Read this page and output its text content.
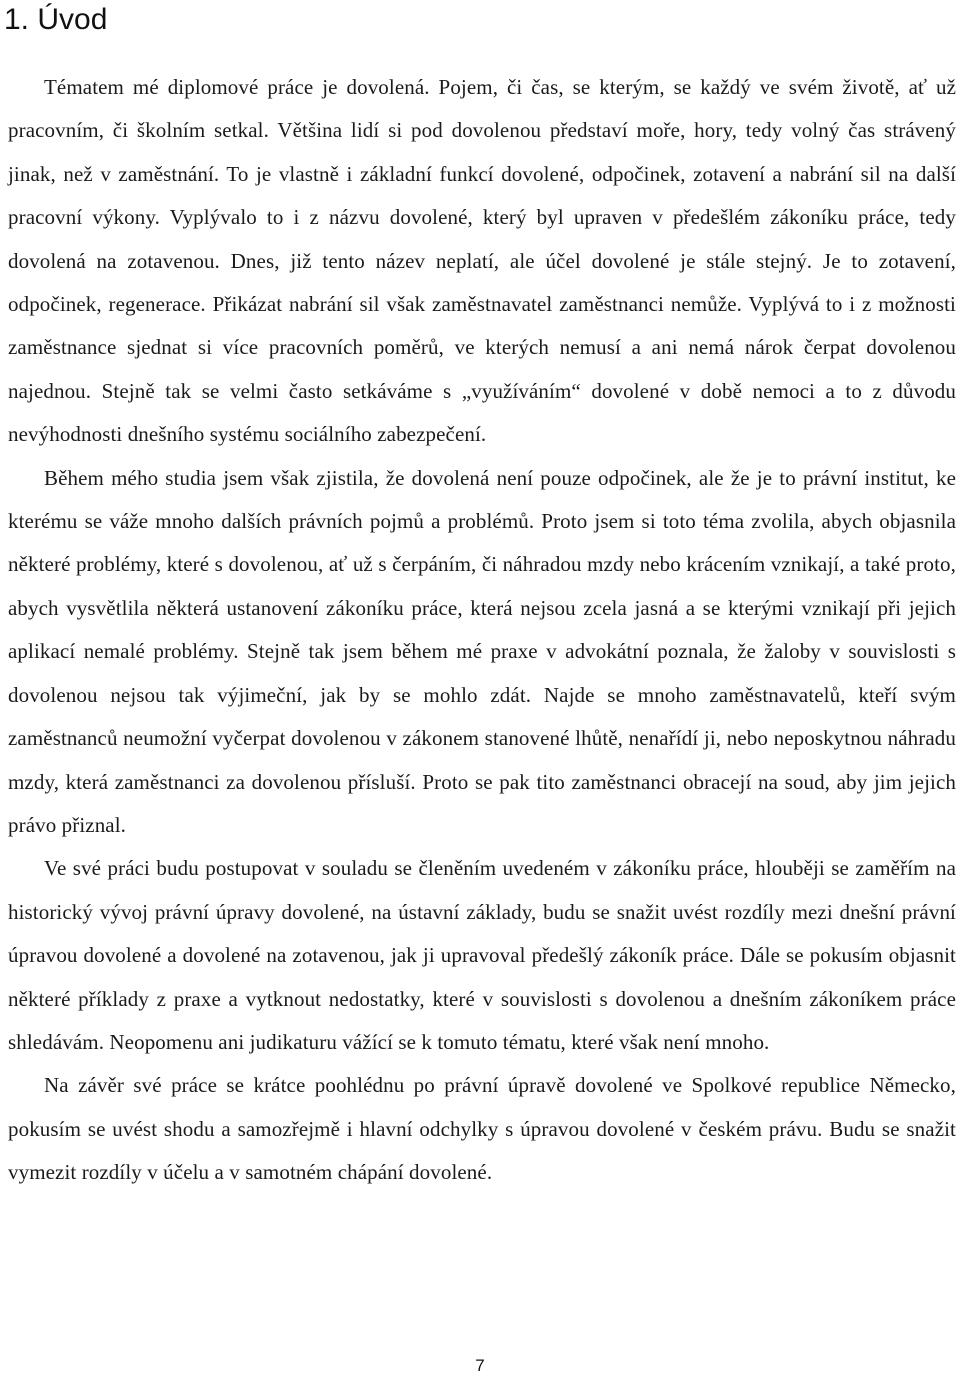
1. Úvod

Tématem mé diplomové práce je dovolená. Pojem, či čas, se kterým, se každý ve svém životě, ať už pracovním, či školním setkal. Většina lidí si pod dovolenou představí moře, hory, tedy volný čas strávený jinak, než v zaměstnání. To je vlastně i základní funkcí dovolené, odpočinek, zotavení a nabrání sil na další pracovní výkony. Vyplývalo to i z názvu dovolené, který byl upraven v předešlém zákoníku práce, tedy dovolená na zotavenou. Dnes, již tento název neplatí, ale účel dovolené je stále stejný. Je to zotavení, odpočinek, regenerace. Přikázat nabrání sil však zaměstnavatel zaměstnanci nemůže. Vyplývá to i z možnosti zaměstnance sjednat si více pracovních poměrů, ve kterých nemusí a ani nemá nárok čerpat dovolenou najednou. Stejně tak se velmi často setkáváme s „využíváním“ dovolené v době nemoci a to z důvodu nevýhodnosti dnešního systému sociálního zabezpečení.

Během mého studia jsem však zjistila, že dovolená není pouze odpočinek, ale že je to právní institut, ke kterému se váže mnoho dalších právních pojmů a problémů. Proto jsem si toto téma zvolila, abych objasnila některé problémy, které s dovolenou, ať už s čerpáním, či náhradou mzdy nebo krácením vznikají, a také proto, abych vysvětlila některá ustanovení zákoníku práce, která nejsou zcela jasná a se kterými vznikají při jejich aplikací nemalé problémy. Stejně tak jsem během mé praxe v advokátní poznala, že žaloby v souvislosti s dovolenou nejsou tak výjimeční, jak by se mohlo zdát. Najde se mnoho zaměstnavatelů, kteří svým zaměstnanců neumožní vyčerpat dovolenou v zákonem stanovené lhůtě, nenařídí ji, nebo neposkytnou náhradu mzdy, která zaměstnanci za dovolenou přísluší. Proto se pak tito zaměstnanci obracejí na soud, aby jim jejich právo přiznal.

Ve své práci budu postupovat v souladu se členěním uvedeném v zákoníku práce, hlouběji se zaměřím na historický vývoj právní úpravy dovolené, na ústavní základy, budu se snažit uvést rozdíly mezi dnešní právní úpravou dovolené a dovolené na zotavenou, jak ji upravoval předešlý zákoník práce. Dále se pokusím objasnit některé příklady z praxe a vytknout nedostatky, které v souvislosti s dovolenou a dnešním zákoníkem práce shledávám. Neopomenu ani judikaturu vážící se k tomuto tématu, které však není mnoho.

Na závěr své práce se krátce poohlédnu po právní úpravě dovolené ve Spolkové republice Německo, pokusím se uvést shodu a samozřejmě i hlavní odchylky s úpravou dovolené v českém právu. Budu se snažit vymezit rozdíly v účelu a v samotném chápání dovolené.

7
